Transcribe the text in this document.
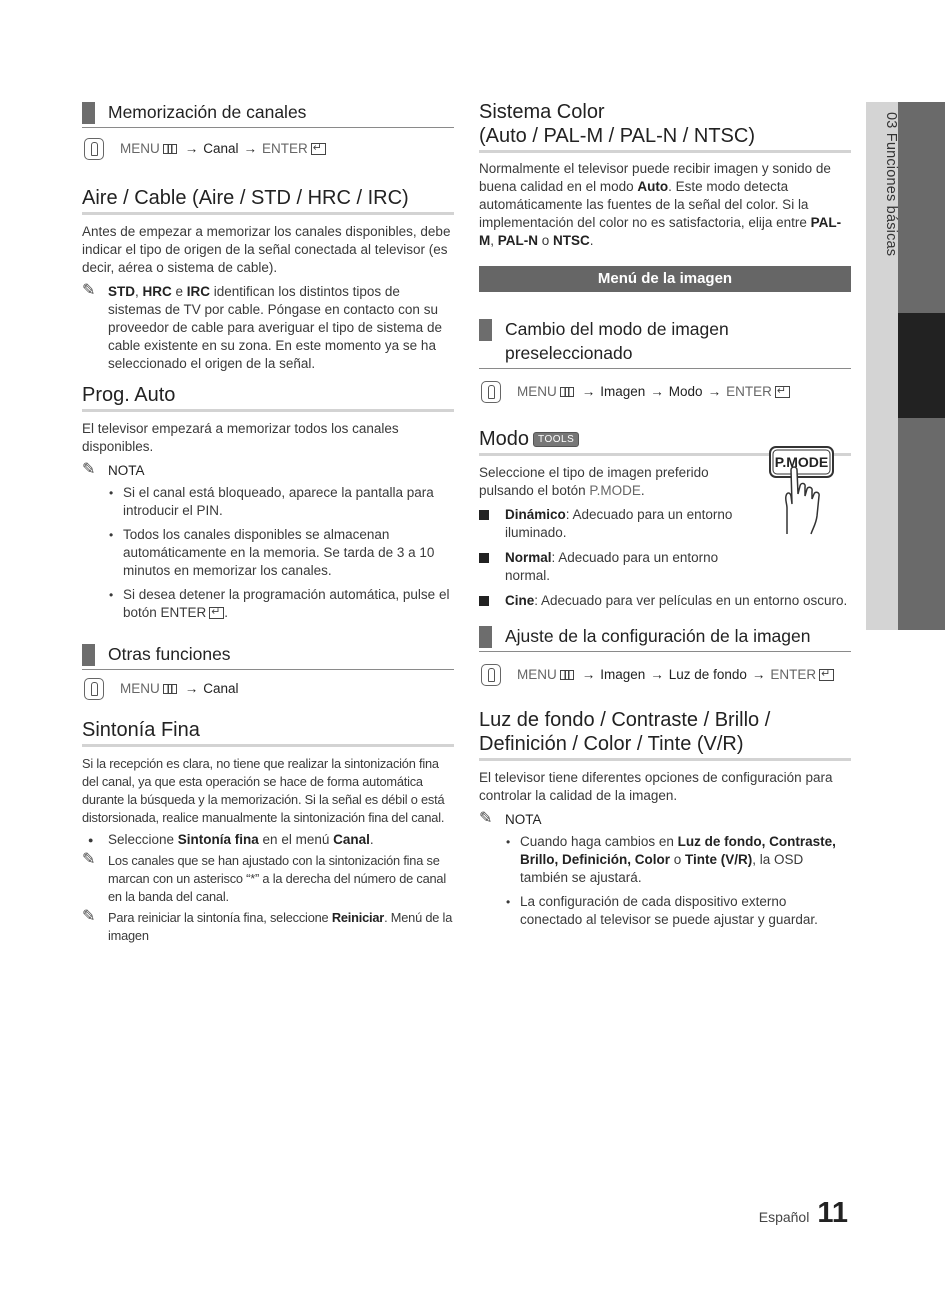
03 Funciones básicas
Memorización de canales
MENU → Canal → ENTER
↵
Aire / Cable (Aire / STD / HRC / IRC)

Antes de empezar a memorizar los canales disponibles, debe indicar el tipo de origen de la señal conectada al televisor (es decir, aérea o sistema de cable).

✎ STD, HRC e IRC identifican los distintos tipos de sistemas de TV por cable. Póngase en contacto con su proveedor de cable para averiguar el tipo de sistema de cable existente en su zona. En este momento ya se ha seleccionado el origen de la señal.
Prog. Auto

El televisor empezará a memorizar todos los canales disponibles.

✎ NOTA
• Si el canal está bloqueado, aparece la pantalla para introducir el PIN.
• Todos los canales disponibles se almacenan automáticamente en la memoria. Se tarda de 3 a 10 minutos en memorizar los canales.
• Si desea detener la programación automática, pulse el botón ENTER↵ .
Otras funciones
MENU → Canal
Sintonía Fina

Si la recepción es clara, no tiene que realizar la sintonización fina del canal, ya que esta operación se hace de forma automática durante la búsqueda y la memorización. Si la señal es débil o está distorsionada, realice manualmente la sintonización fina del canal.

● Seleccione Sintonía fina en el menú Canal.
✎ Los canales que se han ajustado con la sintonización fina se marcan con un asterisco “*” a la derecha del número de canal en la banda del canal.
✎ Para reiniciar la sintonía fina, seleccione Reiniciar. Menú de la imagen
Sistema Color
(Auto / PAL-M / PAL-N / NTSC)

Normalmente el televisor puede recibir imagen y sonido de buena calidad en el modo Auto. Este modo detecta automáticamente las fuentes de la señal del color. Si la implementación del color no es satisfactoria, elija entre PAL-M, PAL-N o NTSC.

Menú de la imagen
Cambio del modo de imagen preseleccionado
MENU → Imagen → Modo → ENTER
↵
Modo TOOLS

Seleccione el tipo de imagen preferido pulsando el botón P.MODE.

Dinámico: Adecuado para un entorno iluminado.
Normal: Adecuado para un entorno normal.
Cine: Adecuado para ver películas en un entorno oscuro.
Ajuste de la configuración de la imagen
MENU → Imagen → Luz de fondo → ENTER
↵
Luz de fondo / Contraste / Brillo /
Definición / Color / Tinte (V/R)

El televisor tiene diferentes opciones de configuración para controlar la calidad de la imagen.

✎ NOTA
• Cuando haga cambios en Luz de fondo, Contraste, Brillo, Definición, Color o Tinte (V/R), la OSD también se ajustará.
• La configuración de cada dispositivo externo conectado al televisor se puede ajustar y guardar.
P.MODE
Español 11
